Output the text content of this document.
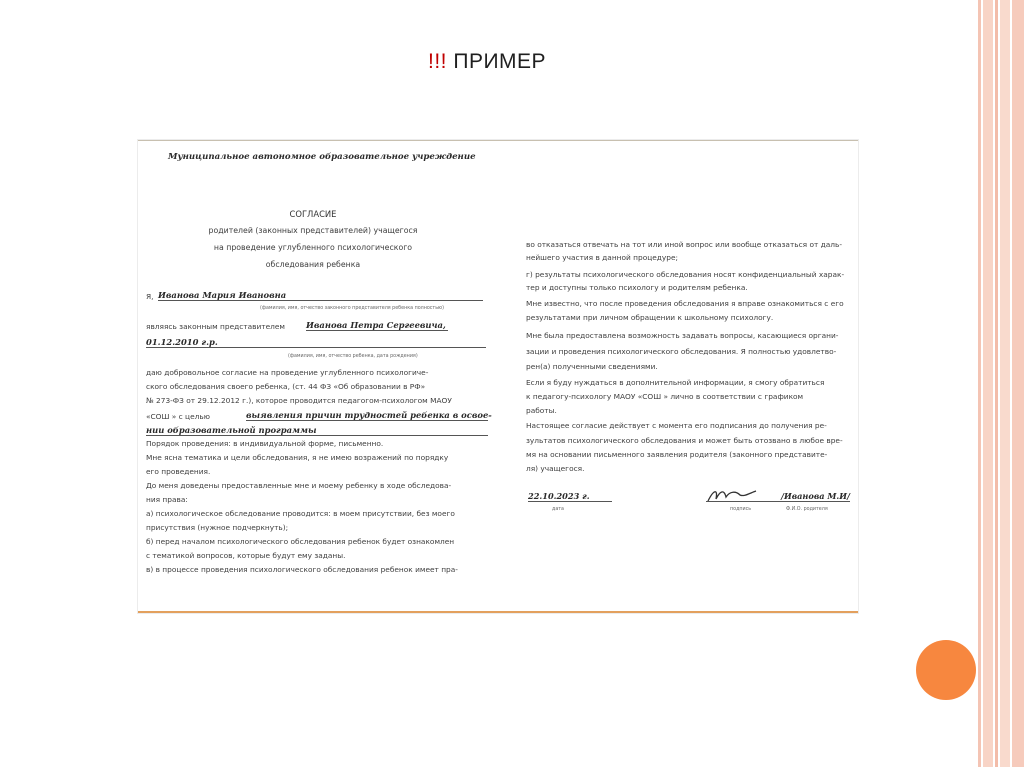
!!! ПРИМЕР
Муниципальное автономное образовательное учреждение
СОГЛАСИЕ
родителей (законных представителей) учащегося
на проведение углубленного психологического
обследования ребенка
Я, Иванова Мария Ивановна
(фамилия, имя, отчество законного представителя ребенка полностью)
являясь законным представителем	Иванова Петра Сергеевича,
01.12.2010 г.р.
(фамилия, имя, отчество ребенка, дата рождения)
даю добровольное согласие на проведение углубленного психологиче-
ского обследования своего ребенка, (ст. 44 ФЗ «Об образовании в РФ»
№ 273-ФЗ от 29.12.2012 г.), которое проводится педагогом-психологом МАОУ
«СОШ » с целью	выявления причин трудностей ребенка в освое-
нии образовательной программы
Порядок проведения: в индивидуальной форме, письменно.
Мне ясна тематика и цели обследования, я не имею возражений по порядку
его проведения.
До меня доведены предоставленные мне и моему ребенку в ходе обследова-
ния права:
а) психологическое обследование проводится: в моем присутствии, без моего
присутствия (нужное подчеркнуть);
б) перед началом психологического обследования ребенок будет ознакомлен
с тематикой вопросов, которые будут ему заданы.
в) в процессе проведения психологического обследования ребенок имеет пра-
во отказаться отвечать на тот или иной вопрос или вообще отказаться от даль-
нейшего участия в данной процедуре;
г) результаты психологического обследования носят конфиденциальный харак-
тер и доступны только психологу и родителям ребенка.
Мне известно, что после проведения обследования я вправе ознакомиться с его
результатами при личном обращении к школьному психологу.
Мне была предоставлена возможность задавать вопросы, касающиеся органи-
зации и проведения психологического обследования. Я полностью удовлетво-
рен(а) полученными сведениями.
Если я буду нуждаться в дополнительной информации, я смогу обратиться
к педагогу-психологу МАОУ «СОШ » лично в соответствии с графиком
работы.
Настоящее согласие действует с момента его подписания до получения ре-
зультатов психологического обследования и может быть отозвано в любое вре-
мя на основании письменного заявления родителя (законного представите-
ля) учащегося.
22.10.2023 г.	/Иванова М.И/
дата	подпись	Ф.И.О. родителя
